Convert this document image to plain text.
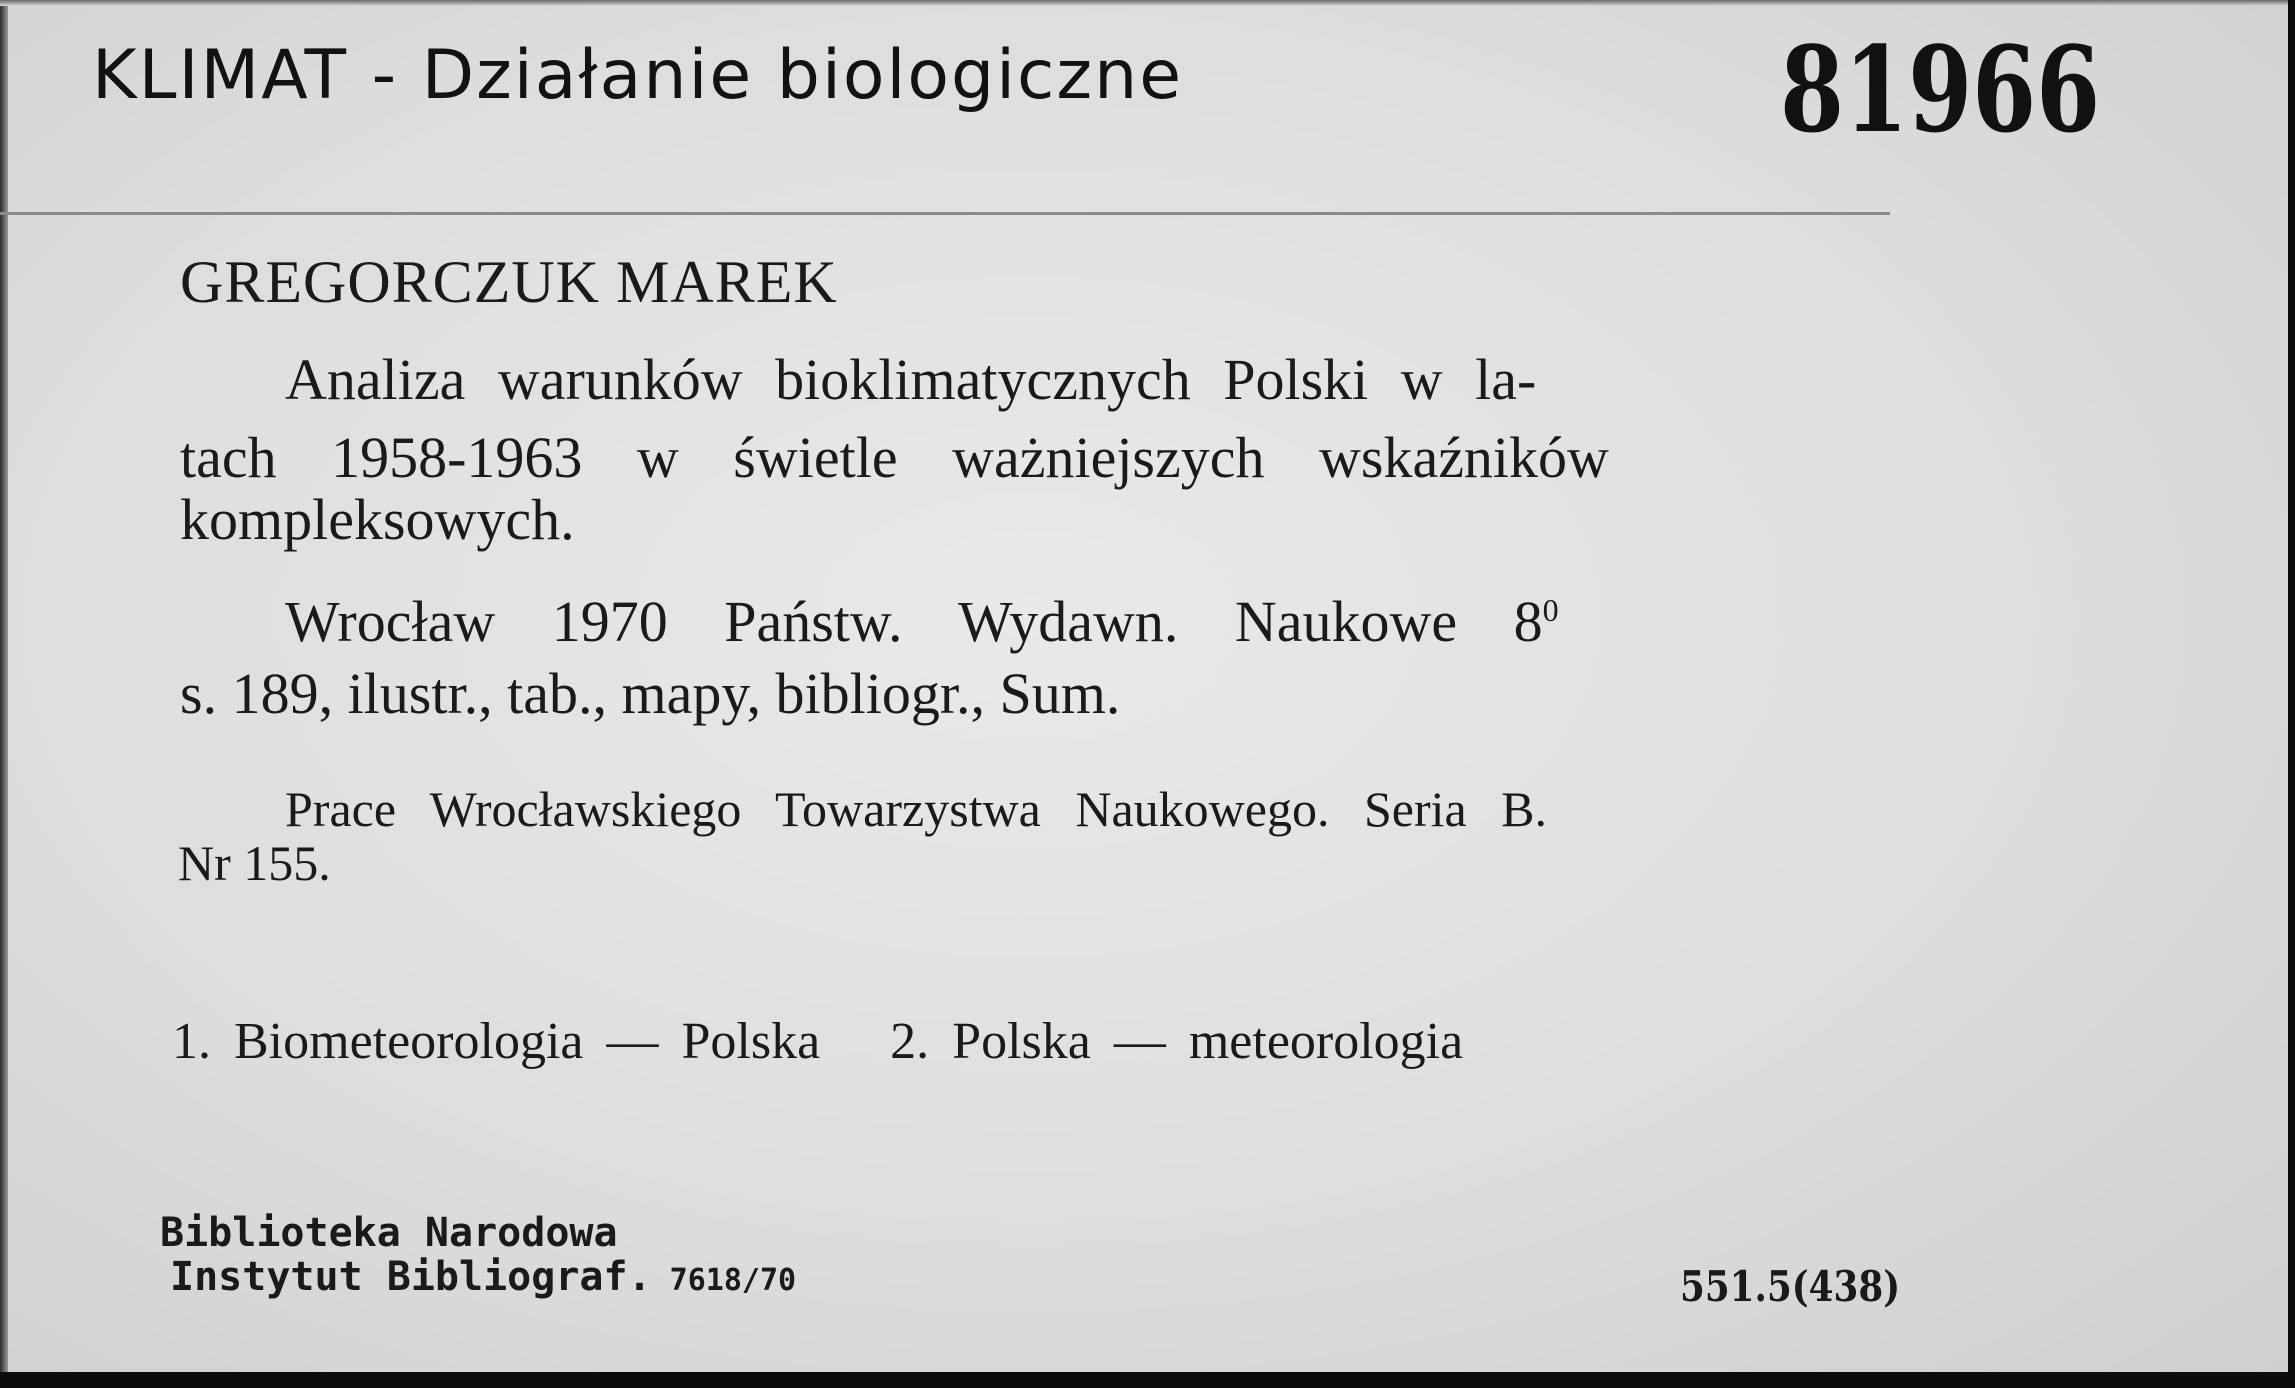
KLIMAT - Działanie biologiczne	81966
GREGORCZUK MAREK
Analiza warunków bioklimatycznych Polski w la-
tach 1958-1963 w świetle ważniejszych wskaźników
kompleksowych.
Wrocław 1970 Państw. Wydawn. Naukowe $8^0$
s. 189, ilustr., tab., mapy, bibliogr., Sum.
Prace Wrocławskiego Towarzystwa Naukowego. Seria B.
Nr 155.
1. Biometeorologia — Polska 2. Polska — meteorologia
Biblioteka Narodowa
Instytut Bibliograf. 7618/70	551.5(438)
